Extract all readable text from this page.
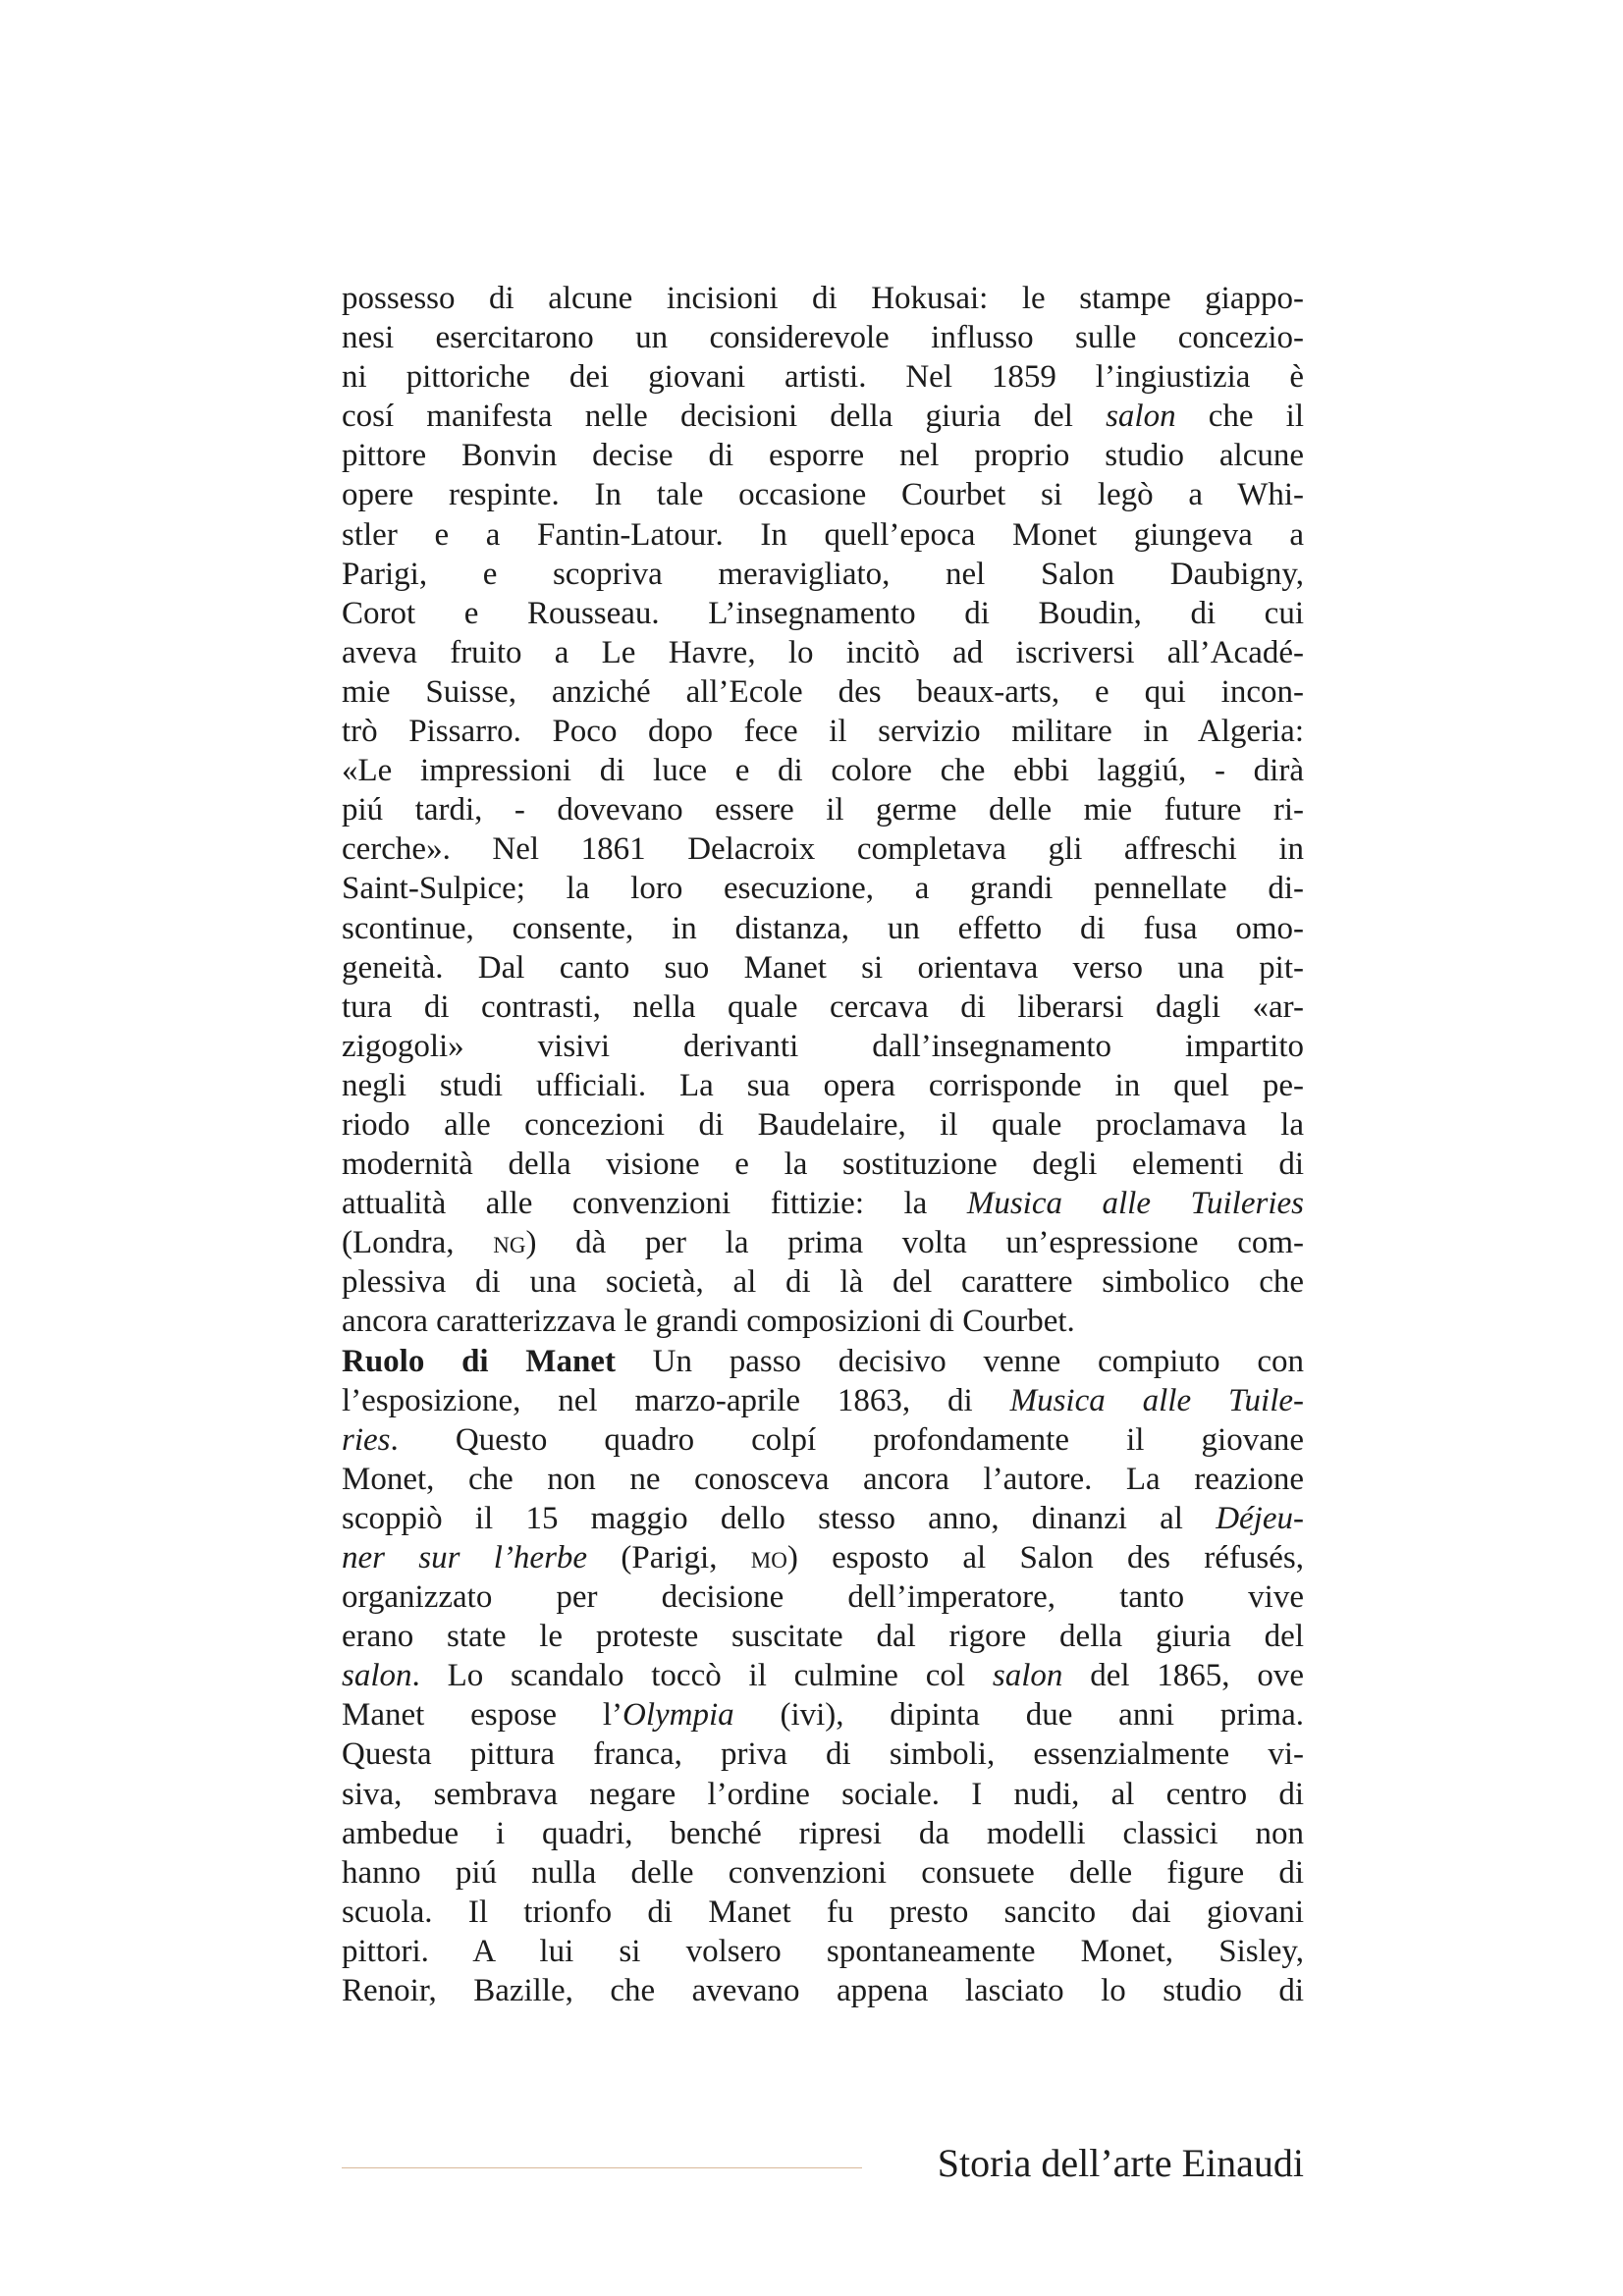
possesso di alcune incisioni di Hokusai: le stampe giappo-
nesi esercitarono un considerevole influsso sulle concezio-
ni pittoriche dei giovani artisti. Nel 1859 l’ingiustizia è
cosí manifesta nelle decisioni della giuria del salon che il
pittore Bonvin decise di esporre nel proprio studio alcune
opere respinte. In tale occasione Courbet si legò a Whi-
stler e a Fantin-Latour. In quell’epoca Monet giungeva a
Parigi, e scopriva meravigliato, nel Salon Daubigny,
Corot e Rousseau. L’insegnamento di Boudin, di cui
aveva fruito a Le Havre, lo incitò ad iscriversi all’Acadé-
mie Suisse, anziché all’Ecole des beaux-arts, e qui incon-
trò Pissarro. Poco dopo fece il servizio militare in Algeria:
«Le impressioni di luce e di colore che ebbi laggiú, - dirà
piú tardi, - dovevano essere il germe delle mie future ri-
cerche». Nel 1861 Delacroix completava gli affreschi in
Saint-Sulpice; la loro esecuzione, a grandi pennellate di-
scontinue, consente, in distanza, un effetto di fusa omo-
geneità. Dal canto suo Manet si orientava verso una pit-
tura di contrasti, nella quale cercava di liberarsi dagli «ar-
zigogoli» visivi derivanti dall’insegnamento impartito
negli studi ufficiali. La sua opera corrisponde in quel pe-
riodo alle concezioni di Baudelaire, il quale proclamava la
modernità della visione e la sostituzione degli elementi di
attualità alle convenzioni fittizie: la Musica alle Tuileries
(Londra, ng) dà per la prima volta un’espressione com-
plessiva di una società, al di là del carattere simbolico che
ancora caratterizzava le grandi composizioni di Courbet.
Ruolo di Manet Un passo decisivo venne compiuto con
l’esposizione, nel marzo-aprile 1863, di Musica alle Tuile-
ries. Questo quadro colpí profondamente il giovane
Monet, che non ne conosceva ancora l’autore. La reazione
scoppiò il 15 maggio dello stesso anno, dinanzi al Déjeu-
ner sur l’herbe (Parigi, mo) esposto al Salon des réfusés,
organizzato per decisione dell’imperatore, tanto vive
erano state le proteste suscitate dal rigore della giuria del
salon. Lo scandalo toccò il culmine col salon del 1865, ove
Manet espose l’Olympia (ivi), dipinta due anni prima.
Questa pittura franca, priva di simboli, essenzialmente vi-
siva, sembrava negare l’ordine sociale. I nudi, al centro di
ambedue i quadri, benché ripresi da modelli classici non
hanno piú nulla delle convenzioni consuete delle figure di
scuola. Il trionfo di Manet fu presto sancito dai giovani
pittori. A lui si volsero spontaneamente Monet, Sisley,
Renoir, Bazille, che avevano appena lasciato lo studio di
Storia dell’arte Einaudi
